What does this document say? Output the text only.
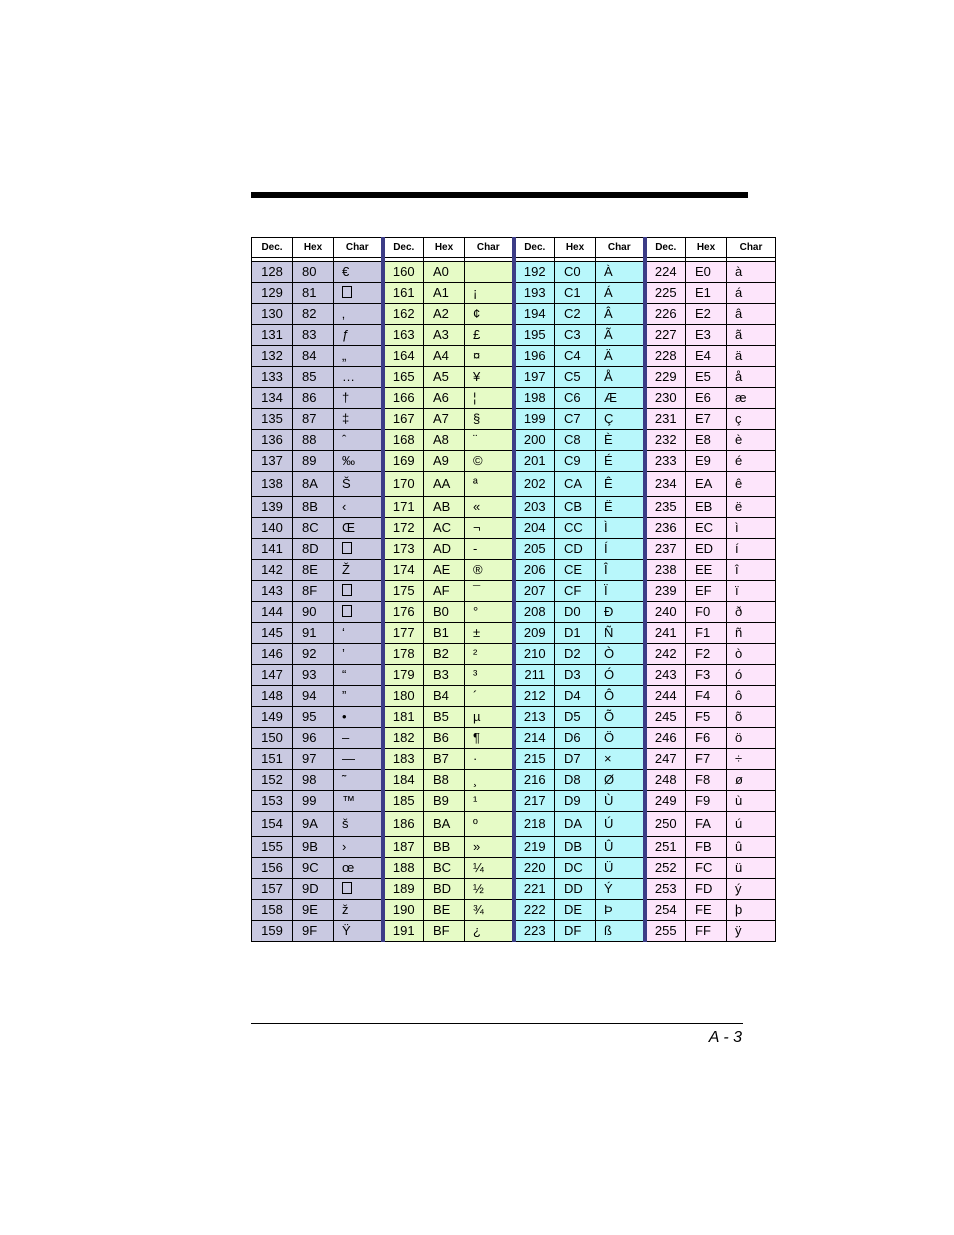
Dec.	Hex	Char	Dec.	Hex	Char	Dec.	Hex	Char	Dec.	Hex	Char

128	80	€	160	A0		192	C0	À	224	E0	à
129	81		161	A1	¡	193	C1	Á	225	E1	á
130	82	‚	162	A2	¢	194	C2	Â	226	E2	â
131	83	ƒ	163	A3	£	195	C3	Ã	227	E3	ã
132	84	„	164	A4	¤	196	C4	Ä	228	E4	ä
133	85	…	165	A5	¥	197	C5	Å	229	E5	å
134	86	†	166	A6	¦	198	C6	Æ	230	E6	æ
135	87	‡	167	A7	§	199	C7	Ç	231	E7	ç
136	88	ˆ	168	A8	¨	200	C8	È	232	E8	è
137	89	‰	169	A9	©	201	C9	É	233	E9	é
138	8A	Š	170	AA	ª	202	CA	Ê	234	EA	ê
139	8B	‹	171	AB	«	203	CB	Ë	235	EB	ë
140	8C	Œ	172	AC	¬	204	CC	Ì	236	EC	ì
141	8D		173	AD	-	205	CD	Í	237	ED	í
142	8E	Ž	174	AE	®	206	CE	Î	238	EE	î
143	8F		175	AF	¯	207	CF	Ï	239	EF	ï
144	90		176	B0	°	208	D0	Ð	240	F0	ð
145	91	‘	177	B1	±	209	D1	Ñ	241	F1	ñ
146	92	’	178	B2	²	210	D2	Ò	242	F2	ò
147	93	“	179	B3	³	211	D3	Ó	243	F3	ó
148	94	”	180	B4	´	212	D4	Ô	244	F4	ô
149	95	•	181	B5	µ	213	D5	Õ	245	F5	õ
150	96	–	182	B6	¶	214	D6	Ö	246	F6	ö
151	97	—	183	B7	·	215	D7	×	247	F7	÷
152	98	˜	184	B8	¸	216	D8	Ø	248	F8	ø
153	99	™	185	B9	¹	217	D9	Ù	249	F9	ù
154	9A	š	186	BA	º	218	DA	Ú	250	FA	ú
155	9B	›	187	BB	»	219	DB	Û	251	FB	û
156	9C	œ	188	BC	¼	220	DC	Ü	252	FC	ü
157	9D		189	BD	½	221	DD	Ý	253	FD	ý
158	9E	ž	190	BE	¾	222	DE	Þ	254	FE	þ
159	9F	Ÿ	191	BF	¿	223	DF	ß	255	FF	ÿ
A - 3
